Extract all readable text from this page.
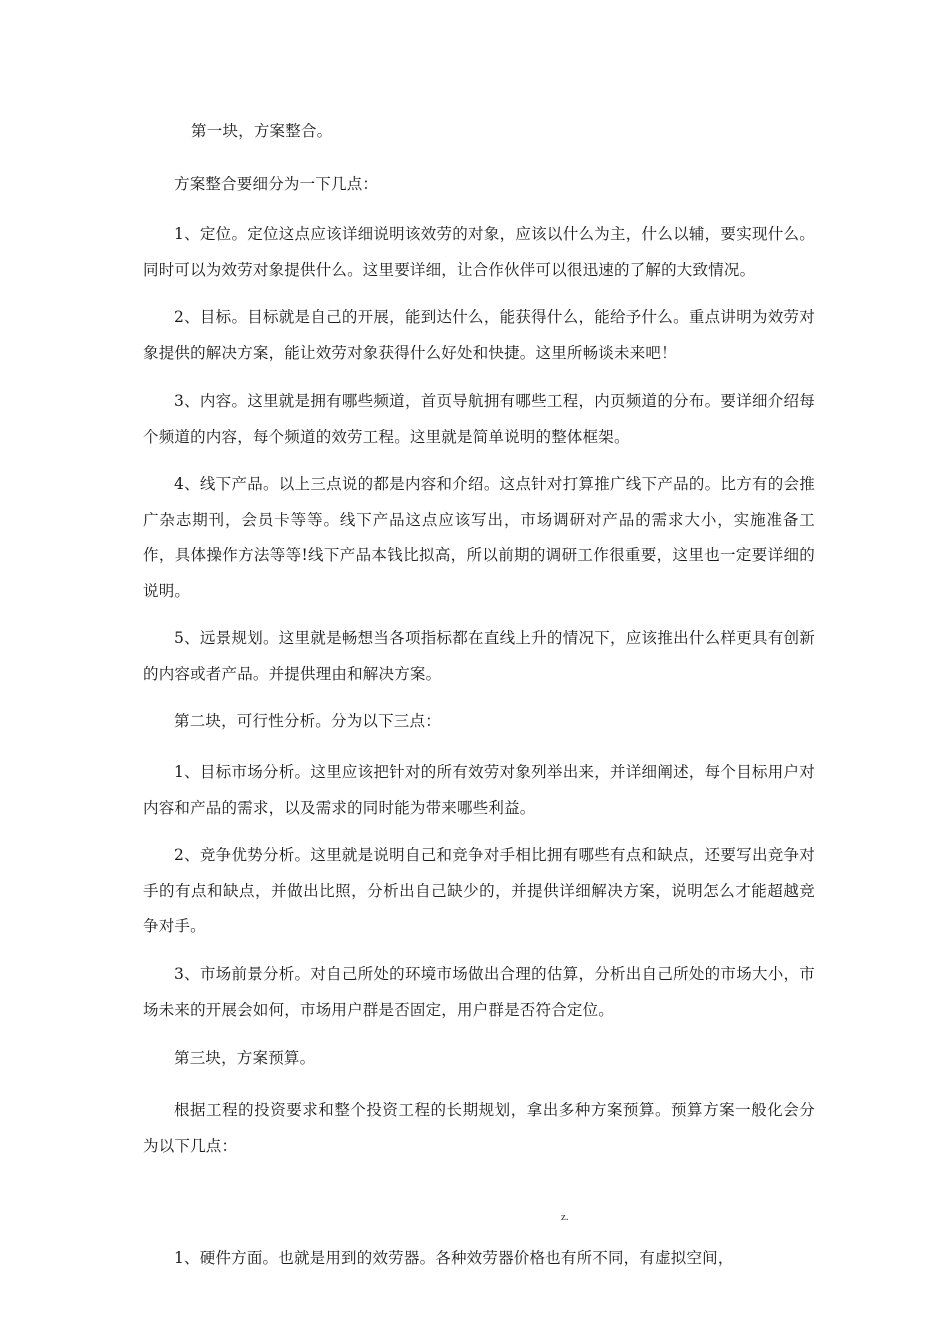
第一块，方案整合。

方案整合要细分为一下几点：

1、定位。定位这点应该详细说明该效劳的对象，应该以什么为主，什么以辅，要实现什么。同时可以为效劳对象提供什么。这里要详细，让合作伙伴可以很迅速的了解的大致情况。

2、目标。目标就是自己的开展，能到达什么，能获得什么，能给予什么。重点讲明为效劳对象提供的解决方案，能让效劳对象获得什么好处和快捷。这里所畅谈未来吧！

3、内容。这里就是拥有哪些频道，首页导航拥有哪些工程，内页频道的分布。要详细介绍每个频道的内容，每个频道的效劳工程。这里就是简单说明的整体框架。

4、线下产品。以上三点说的都是内容和介绍。这点针对打算推广线下产品的。比方有的会推广杂志期刊，会员卡等等。线下产品这点应该写出，市场调研对产品的需求大小，实施准备工作，具体操作方法等等!线下产品本钱比拟高，所以前期的调研工作很重要，这里也一定要详细的说明。

5、远景规划。这里就是畅想当各项指标都在直线上升的情况下，应该推出什么样更具有创新的内容或者产品。并提供理由和解决方案。

第二块，可行性分析。分为以下三点：

1、目标市场分析。这里应该把针对的所有效劳对象列举出来，并详细阐述，每个目标用户对内容和产品的需求，以及需求的同时能为带来哪些利益。

2、竞争优势分析。这里就是说明自己和竞争对手相比拥有哪些有点和缺点，还要写出竞争对手的有点和缺点，并做出比照，分析出自己缺少的，并提供详细解决方案，说明怎么才能超越竞争对手。

3、市场前景分析。对自己所处的环境市场做出合理的估算，分析出自己所处的市场大小，市场未来的开展会如何，市场用户群是否固定，用户群是否符合定位。

第三块，方案预算。

根据工程的投资要求和整个投资工程的长期规划，拿出多种方案预算。预算方案一般化会分为以下几点：

z.

1、硬件方面。也就是用到的效劳器。各种效劳器价格也有所不同，有虚拟空间，
